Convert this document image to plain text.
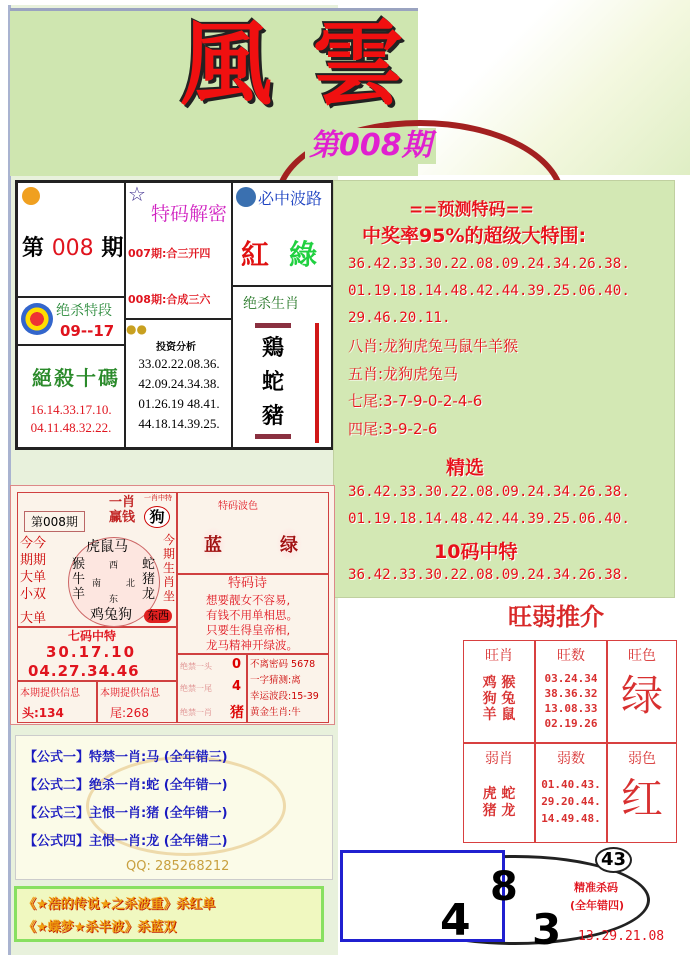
風雲
第008期
第 008 期
绝杀特段
09--17
絕殺十碼
16.14.33.17.10.
04.11.48.32.22.
☆
特码解密
007期:合三开四
008期:合成三六
●●
投资分析
33.02.22.08.36.
42.09.24.34.38.
01.26.19 48.41.
44.18.14.39.25.
必中波路
紅 綠
绝杀生肖
鶏
蛇
豬
==预测特码==
中奖率95%的超级大特围:
36.42.33.30.22.08.09.24.34.26.38.
01.19.18.14.48.42.44.39.25.06.40.
29.46.20.11.
八肖:龙狗虎兔马鼠牛羊猴
五肖:龙狗虎兔马
七尾:3-7-9-0-2-4-6
四尾:3-9-2-6
精选
36.42.33.30.22.08.09.24.34.26.38.
01.19.18.14.48.42.44.39.25.06.40.
10码中特
36.42.33.30.22.08.09.24.34.26.38.
第008期
今今
期期
大单
小双
大单
虎鼠马
猴牛羊
蛇猪龙
鸡兔狗
西
南	北
东
一肖赢钱
一肖中特
狗
今期生肖坐
东西
七码中特
30.17.10
04.27.34.46
本期提供信息
头:134
本期提供信息
尾:268
特码波色
蓝	绿
特码诗
想要靓女不容易,
有钱不用单相思。
只要生得皇帝相,
龙马精神开绿波。
绝禁一头 0
绝禁一尾 4
绝禁一肖 猪
不离密码 5678
一字猜测:离
幸运波段:15-39
黄金生肖:牛
【公式一】特禁一肖:马 (全年错三)
【公式二】绝杀一肖:蛇 (全年错一)
【公式三】主恨一肖:猪 (全年错一)
【公式四】主恨一肖:龙 (全年错二)
QQ: 285268212
《★浩的传说★之杀波重》杀红单
《★蝶梦★杀半波》杀蓝双
旺弱推介
旺肖
鸡 猴
狗 兔
羊 鼠
旺数
03.24.34
38.36.32
13.08.33
02.19.26
旺色
绿
弱肖
虎 蛇
猪 龙
弱数
01.40.43.
29.20.44.
14.49.48.
弱色
红
43
8
4 3
精准杀码
(全年错四)
13.29.21.08
